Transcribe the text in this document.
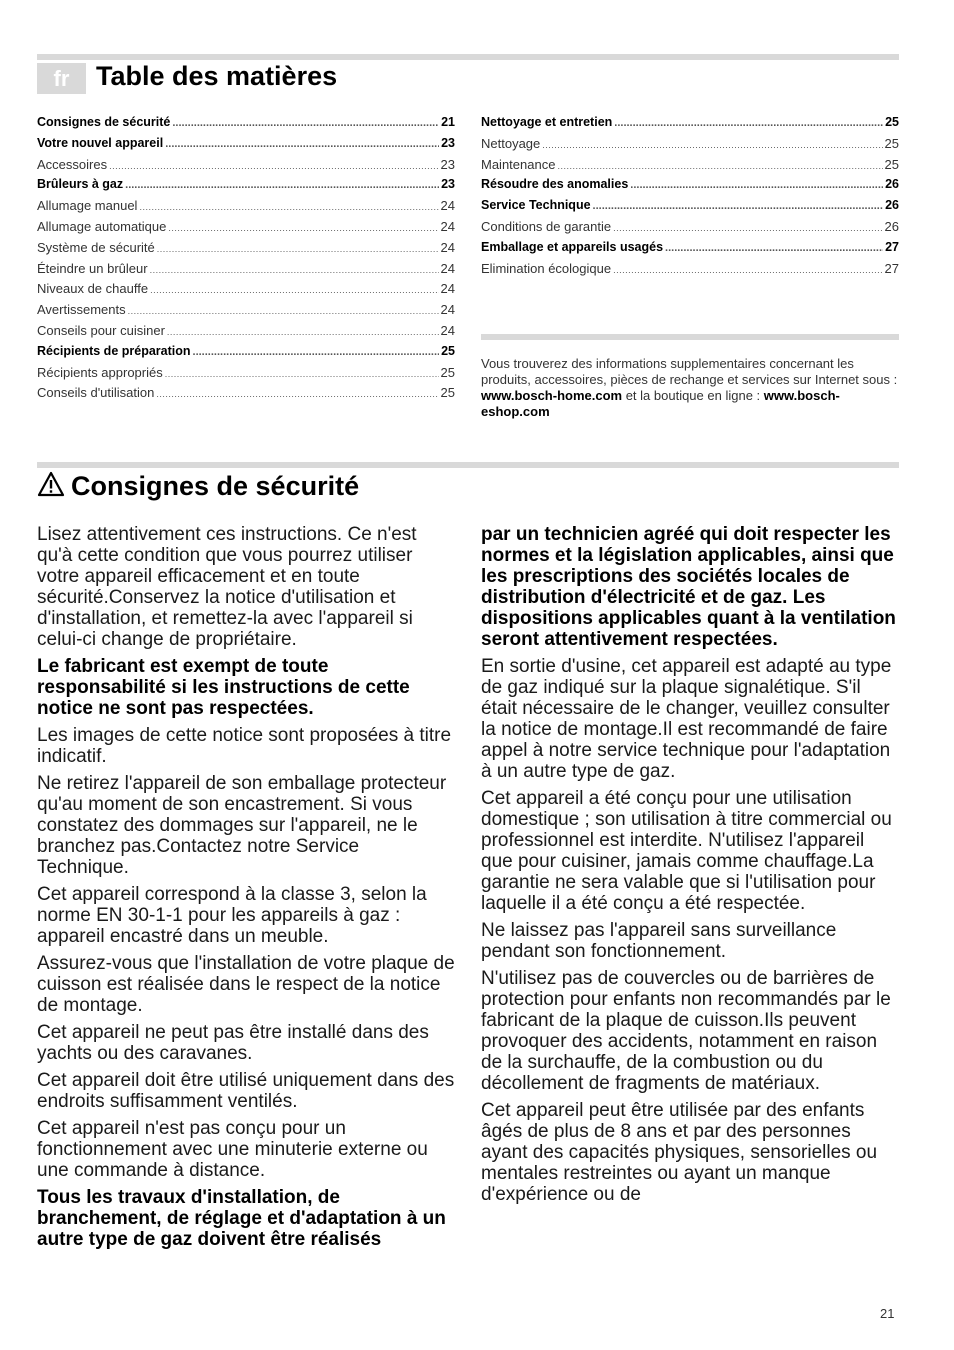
fr Table des matières
Consignes de sécurité .....	21
Votre nouvel appareil .....	23
Accessoires .....	23
Brûleurs à gaz .....	23
Allumage manuel .....	24
Allumage automatique .....	24
Système de sécurité .....	24
Éteindre un brûleur .....	24
Niveaux de chauffe .....	24
Avertissements .....	24
Conseils pour cuisiner .....	24
Récipients de préparation .....	25
Récipients appropriés .....	25
Conseils d'utilisation .....	25
Nettoyage et entretien .....	25
Nettoyage .....	25
Maintenance .....	25
Résoudre des anomalies .....	26
Service Technique .....	26
Conditions de garantie .....	26
Emballage et appareils usagés .....	27
Elimination écologique .....	27
Vous trouverez des informations supplementaires concernant les produits, accessoires, pièces de rechange et services sur Internet sous : www.bosch-home.com et la boutique en ligne : www.bosch-eshop.com
Consignes de sécurité

Lisez attentivement ces instructions. Ce n'est qu'à cette condition que vous pourrez utiliser votre appareil efficacement et en toute sécurité.Conservez la notice d'utilisation et d'installation, et remettez-la avec l'appareil si celui-ci change de propriétaire.

Le fabricant est exempt de toute responsabilité si les instructions de cette notice ne sont pas respectées.

Les images de cette notice sont proposées à titre indicatif.

Ne retirez l'appareil de son emballage protecteur qu'au moment de son encastrement. Si vous constatez des dommages sur l'appareil, ne le branchez pas.Contactez notre Service Technique.

Cet appareil correspond à la classe 3, selon la norme EN 30-1-1 pour les appareils à gaz : appareil encastré dans un meuble.

Assurez-vous que l'installation de votre plaque de cuisson est réalisée dans le respect de la notice de montage.

Cet appareil ne peut pas être installé dans des yachts ou des caravanes.

Cet appareil doit être utilisé uniquement dans des endroits suffisamment ventilés.

Cet appareil n'est pas conçu pour un fonctionnement avec une minuterie externe ou une commande à distance.

Tous les travaux d'installation, de branchement, de réglage et d'adaptation à un autre type de gaz doivent être réalisés

par un technicien agréé qui doit respecter les normes et la législation applicables, ainsi que les prescriptions des sociétés locales de distribution d'électricité et de gaz. Les dispositions applicables quant à la ventilation seront attentivement respectées.

En sortie d'usine, cet appareil est adapté au type de gaz indiqué sur la plaque signalétique. S'il était nécessaire de le changer, veuillez consulter la notice de montage.Il est recommandé de faire appel à notre service technique pour l'adaptation à un autre type de gaz.

Cet appareil a été conçu pour une utilisation domestique ; son utilisation à titre commercial ou professionnel est interdite. N'utilisez l'appareil que pour cuisiner, jamais comme chauffage.La garantie ne sera valable que si l'utilisation pour laquelle il a été conçu a été respectée.

Ne laissez pas l'appareil sans surveillance pendant son fonctionnement.

N'utilisez pas de couvercles ou de barrières de protection pour enfants non recommandés par le fabricant de la plaque de cuisson.Ils peuvent provoquer des accidents, notamment en raison de la surchauffe, de la combustion ou du décollement de fragments de matériaux.

Cet appareil peut être utilisée par des enfants âgés de plus de 8 ans et par des personnes ayant des capacités physiques, sensorielles ou mentales restreintes ou ayant un manque d'expérience ou de

21
